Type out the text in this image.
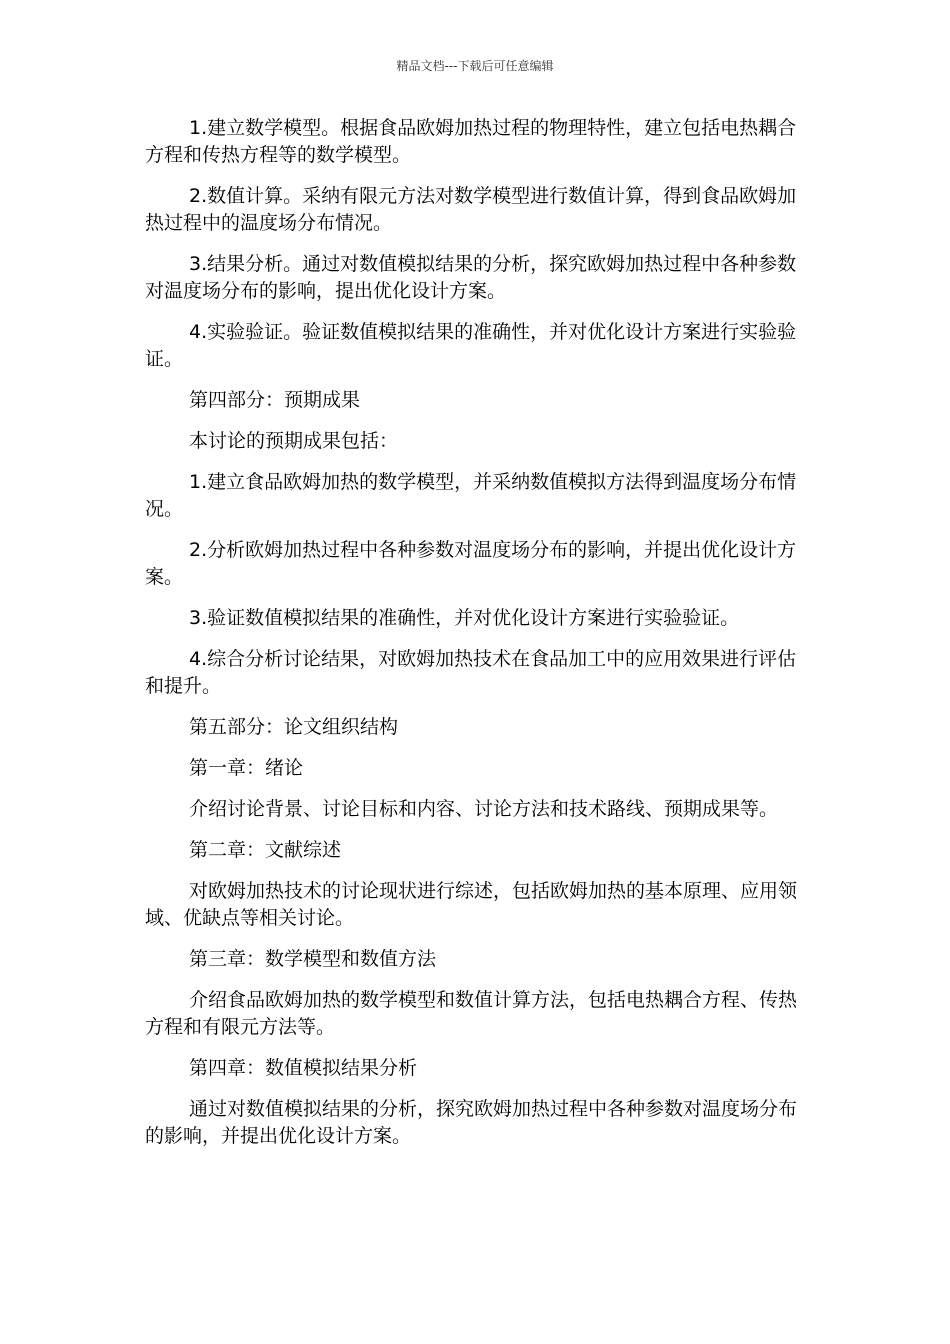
精品文档---下载后可任意编辑

1.建立数学模型。根据食品欧姆加热过程的物理特性，建立包括电热耦合方程和传热方程等的数学模型。

2.数值计算。采纳有限元方法对数学模型进行数值计算，得到食品欧姆加热过程中的温度场分布情况。

3.结果分析。通过对数值模拟结果的分析，探究欧姆加热过程中各种参数对温度场分布的影响，提出优化设计方案。

4.实验验证。验证数值模拟结果的准确性，并对优化设计方案进行实验验证。

第四部分：预期成果

本讨论的预期成果包括：

1.建立食品欧姆加热的数学模型，并采纳数值模拟方法得到温度场分布情况。

2.分析欧姆加热过程中各种参数对温度场分布的影响，并提出优化设计方案。

3.验证数值模拟结果的准确性，并对优化设计方案进行实验验证。

4.综合分析讨论结果，对欧姆加热技术在食品加工中的应用效果进行评估和提升。

第五部分：论文组织结构

第一章：绪论

介绍讨论背景、讨论目标和内容、讨论方法和技术路线、预期成果等。

第二章：文献综述

对欧姆加热技术的讨论现状进行综述，包括欧姆加热的基本原理、应用领域、优缺点等相关讨论。

第三章：数学模型和数值方法

介绍食品欧姆加热的数学模型和数值计算方法，包括电热耦合方程、传热方程和有限元方法等。

第四章：数值模拟结果分析

通过对数值模拟结果的分析，探究欧姆加热过程中各种参数对温度场分布的影响，并提出优化设计方案。
